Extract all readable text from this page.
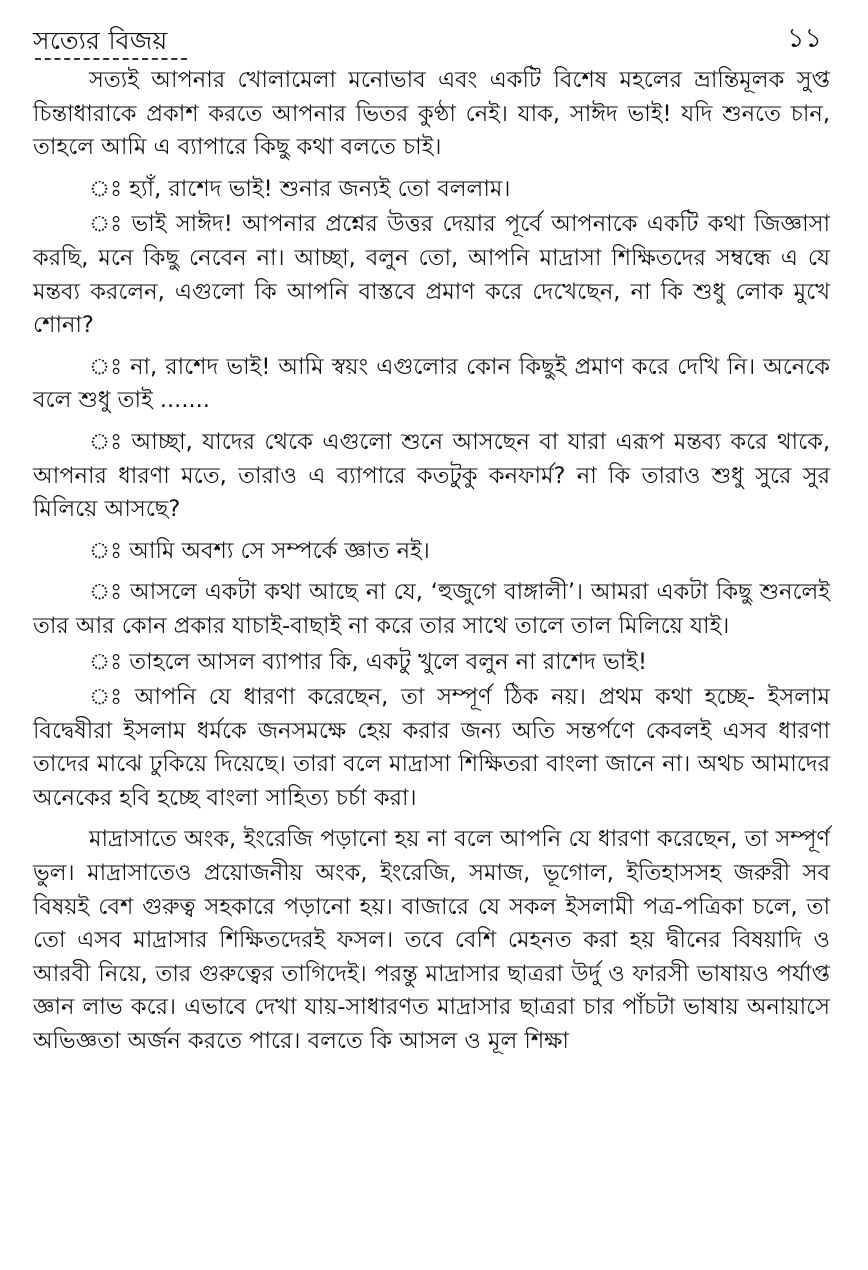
সত্যের বিজয়	১১

সত্যই আপনার খোলামেলা মনোভাব এবং একটি বিশেষ মহলের ভ্রান্তিমূলক সুপ্ত চিন্তাধারাকে প্রকাশ করতে আপনার ভিতর কুণ্ঠা নেই। যাক, সাঈদ ভাই! যদি শুনতে চান, তাহলে আমি এ ব্যাপারে কিছু কথা বলতে চাই।

ঃ হ্যাঁ, রাশেদ ভাই! শুনার জন্যই তো বললাম।

ঃ ভাই সাঈদ! আপনার প্রশ্নের উত্তর দেয়ার পূর্বে আপনাকে একটি কথা জিজ্ঞাসা করছি, মনে কিছু নেবেন না। আচ্ছা, বলুন তো, আপনি মাদ্রাসা শিক্ষিতদের সম্বন্ধে এ যে মন্তব্য করলেন, এগুলো কি আপনি বাস্তবে প্রমাণ করে দেখেছেন, না কি শুধু লোক মুখে শোনা?

ঃ না, রাশেদ ভাই! আমি স্বয়ং এগুলোর কোন কিছুই প্রমাণ করে দেখি নি। অনেকে বলে শুধু তাই .......

ঃ আচ্ছা, যাদের থেকে এগুলো শুনে আসছেন বা যারা এরূপ মন্তব্য করে থাকে, আপনার ধারণা মতে, তারাও এ ব্যাপারে কতটুকু কনফার্ম? না কি তারাও শুধু সুরে সুর মিলিয়ে আসছে?

ঃ আমি অবশ্য সে সম্পর্কে জ্ঞাত নই।

ঃ আসলে একটা কথা আছে না যে, ‘হুজুগে বাঙ্গালী’। আমরা একটা কিছু শুনলেই তার আর কোন প্রকার যাচাই-বাছাই না করে তার সাথে তালে তাল মিলিয়ে যাই।

ঃ তাহলে আসল ব্যাপার কি, একটু খুলে বলুন না রাশেদ ভাই!

ঃ আপনি যে ধারণা করেছেন, তা সম্পূর্ণ ঠিক নয়। প্রথম কথা হচ্ছে- ইসলাম বিদ্বেষীরা ইসলাম ধর্মকে জনসমক্ষে হেয় করার জন্য অতি সন্তর্পণে কেবলই এসব ধারণা তাদের মাঝে ঢুকিয়ে দিয়েছে। তারা বলে মাদ্রাসা শিক্ষিতরা বাংলা জানে না। অথচ আমাদের অনেকের হবি হচ্ছে বাংলা সাহিত্য চর্চা করা।

মাদ্রাসাতে অংক, ইংরেজি পড়ানো হয় না বলে আপনি যে ধারণা করেছেন, তা সম্পূর্ণ ভুল। মাদ্রাসাতেও প্রয়োজনীয় অংক, ইংরেজি, সমাজ, ভূগোল, ইতিহাসসহ জরুরী সব বিষয়ই বেশ গুরুত্ব সহকারে পড়ানো হয়। বাজারে যে সকল ইসলামী পত্র-পত্রিকা চলে, তা তো এসব মাদ্রাসার শিক্ষিতদেরই ফসল। তবে বেশি মেহনত করা হয় দ্বীনের বিষয়াদি ও আরবী নিয়ে, তার গুরুত্বের তাগিদেই। পরন্তু মাদ্রাসার ছাত্ররা উর্দু ও ফারসী ভাষায়ও পর্যাপ্ত জ্ঞান লাভ করে। এভাবে দেখা যায়-সাধারণত মাদ্রাসার ছাত্ররা চার পাঁচটা ভাষায় অনায়াসে অভিজ্ঞতা অর্জন করতে পারে। বলতে কি আসল ও মূল শিক্ষা
